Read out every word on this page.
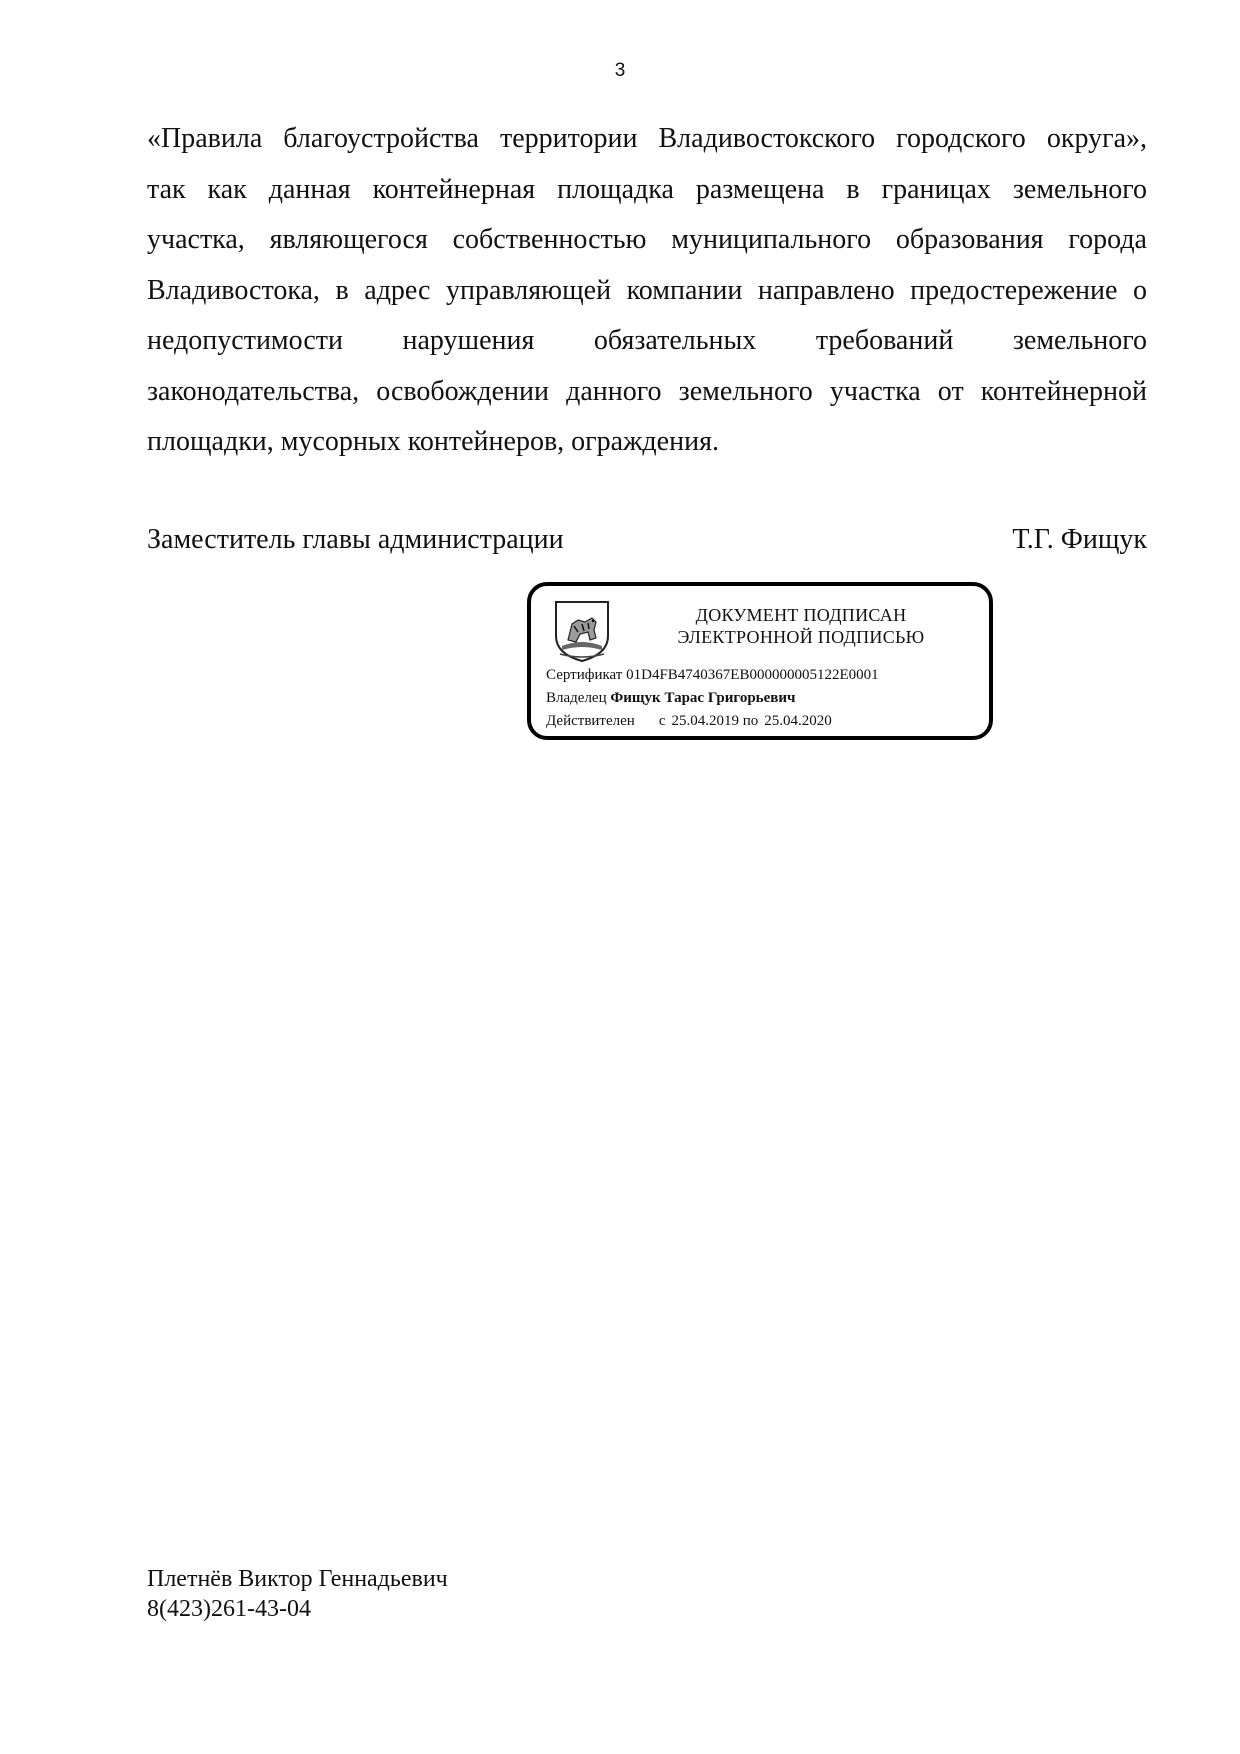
3
«Правила благоустройства территории Владивостокского городского округа»,
так как данная контейнерная площадка размещена в границах земельного
участка, являющегося собственностью муниципального образования города
Владивостока, в адрес управляющей компании направлено предостережение о
недопустимости нарушения обязательных требований земельного
законодательства, освобождении данного земельного участка от контейнерной
площадки, мусорных контейнеров, ограждения.
Заместитель главы администрации	Т.Г. Фищук
ДОКУМЕНТ ПОДПИСАН
ЭЛЕКТРОННОЙ ПОДПИСЬЮ
Сертификат 01D4FB4740367EB000000005122E0001
Владелец Фищук Тарас Григорьевич
Действителен с 25.04.2019 по 25.04.2020
Плетнёв Виктор Геннадьевич
8(423)261-43-04
